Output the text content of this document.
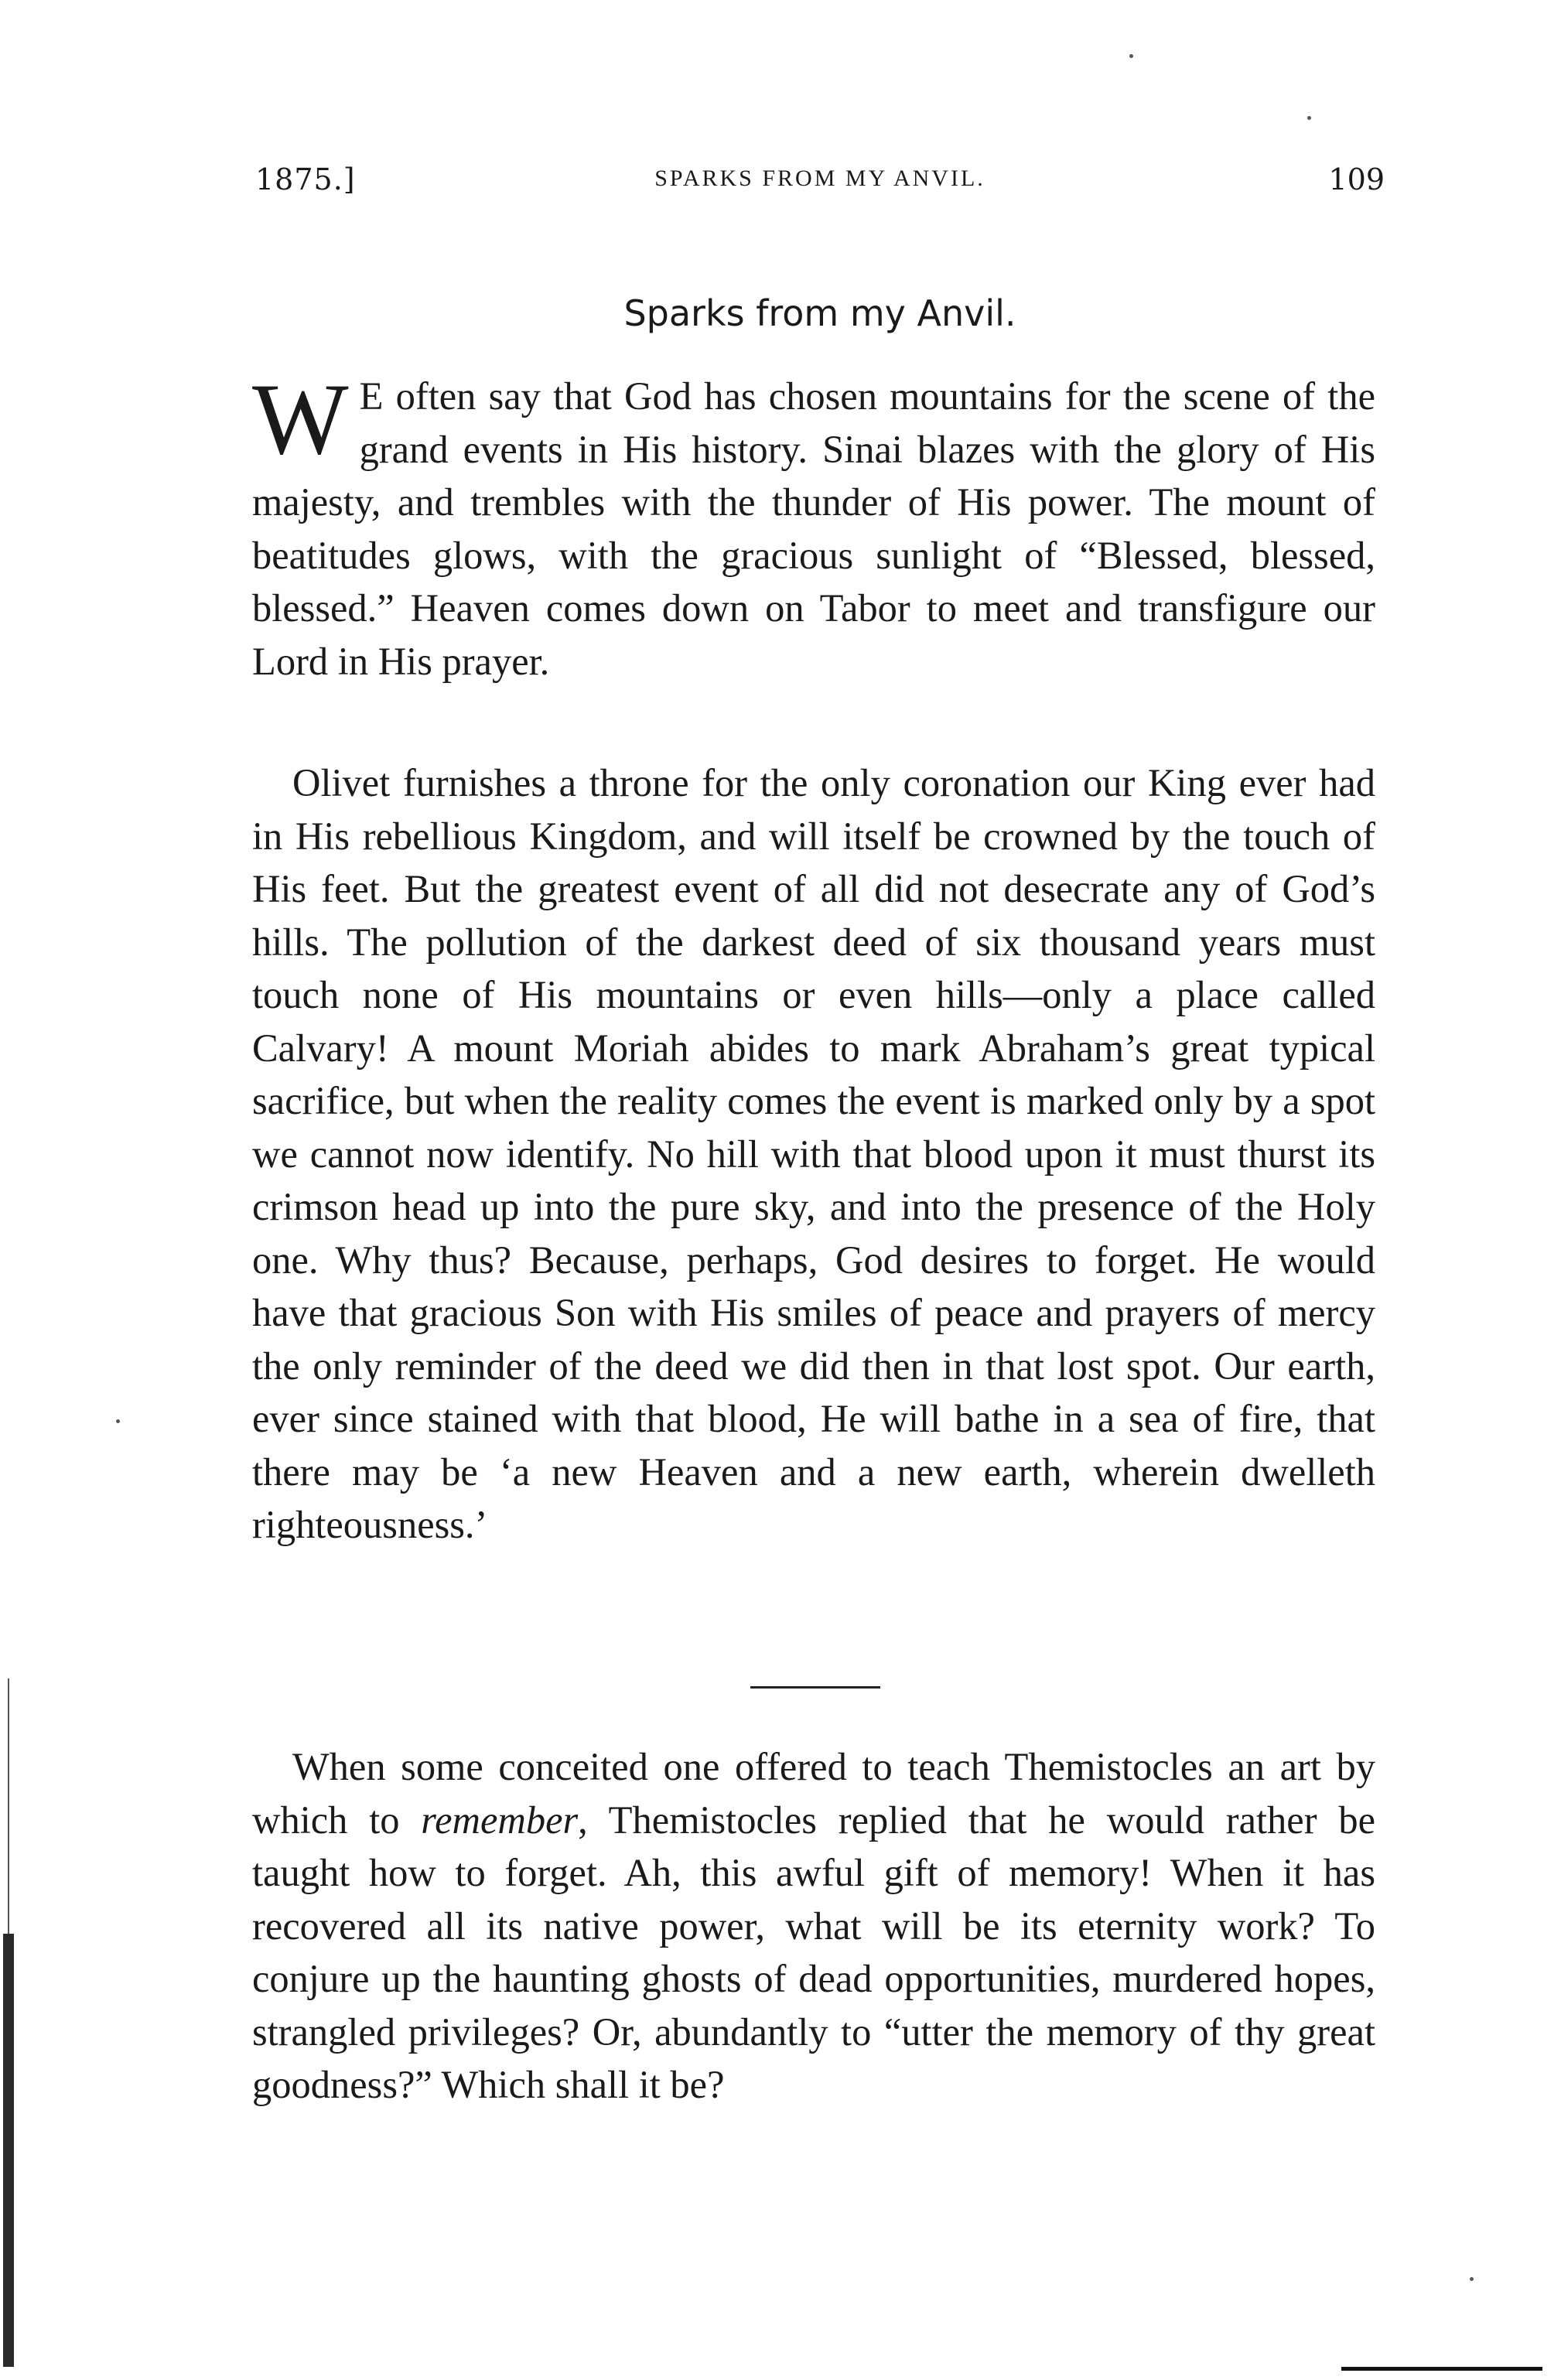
1875.]	SPARKS FROM MY ANVIL.	109
Sparks from my Anvil.

W E often say that God has chosen mountains for the scene of the grand events in His history. Sinai blazes with the glory of His majesty, and trembles with the thunder of His power. The mount of beatitudes glows, with the gracious sunlight of “Blessed, blessed, blessed.” Heaven comes down on Tabor to meet and transfigure our Lord in His prayer.

Olivet furnishes a throne for the only coronation our King ever had in His rebellious Kingdom, and will itself be crowned by the touch of His feet. But the greatest event of all did not desecrate any of God’s hills. The pollution of the darkest deed of six thousand years must touch none of His mountains or even hills—only a place called Calvary! A mount Moriah abides to mark Abraham’s great typical sacrifice, but when the reality comes the event is marked only by a spot we cannot now identify. No hill with that blood upon it must thurst its crimson head up into the pure sky, and into the presence of the Holy one. Why thus? Because, perhaps, God desires to forget. He would have that gracious Son with His smiles of peace and prayers of mercy the only reminder of the deed we did then in that lost spot. Our earth, ever since stained with that blood, He will bathe in a sea of fire, that there may be ‘a new Heaven and a new earth, wherein dwelleth righteousness.’

When some conceited one offered to teach Themistocles an art by which to remember, Themistocles replied that he would rather be taught how to forget. Ah, this awful gift of memory! When it has recovered all its native power, what will be its eternity work? To conjure up the haunting ghosts of dead opportunities, murdered hopes, strangled privileges? Or, abundantly to “utter the memory of thy great goodness?” Which shall it be?
